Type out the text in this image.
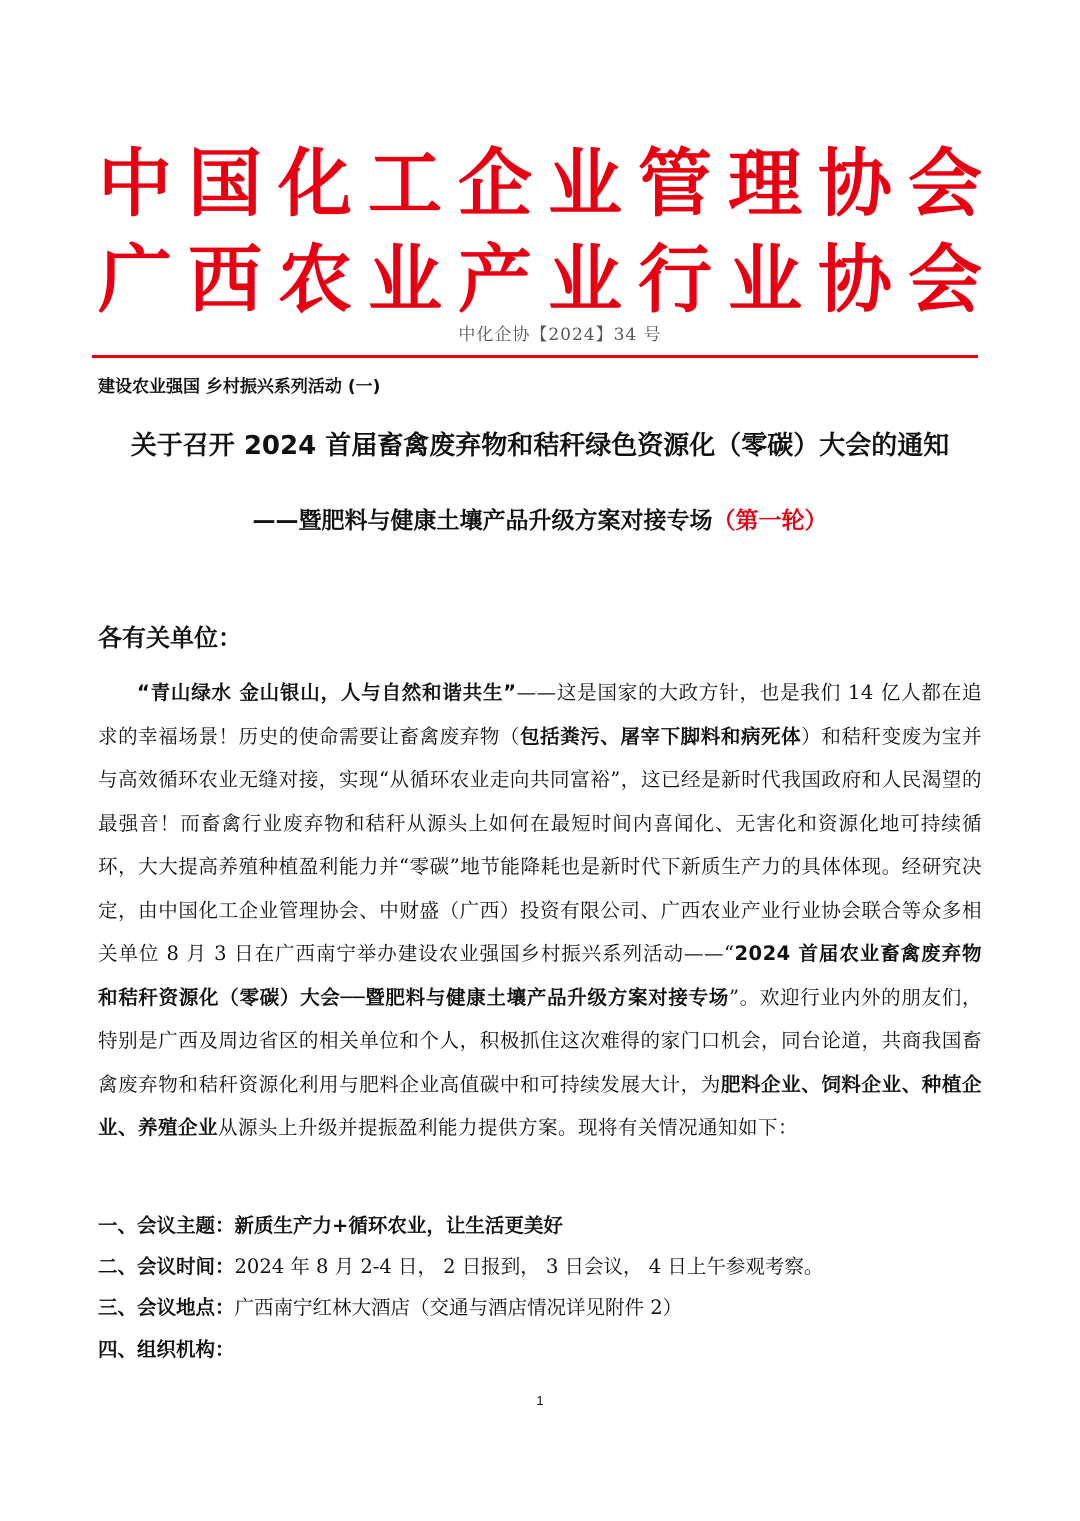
中 国 化 工 企 业 管 理 协 会
广 西 农 业 产 业 行 业 协 会
中化企协【2024】34 号
建设农业强国 乡村振兴系列活动 (一)
关于召开 2024 首届畜禽废弃物和秸秆绿色资源化（零碳）大会的通知
——暨肥料与健康土壤产品升级方案对接专场（第一轮）
各有关单位：
“青山绿水 金山银山，人与自然和谐共生”——这是国家的大政方针，也是我们 14 亿人都在追求的幸福场景！历史的使命需要让畜禽废弃物（包括粪污、屠宰下脚料和病死体）和秸秆变废为宝并与高效循环农业无缝对接，实现“从循环农业走向共同富裕”，这已经是新时代我国政府和人民渴望的最强音！而畜禽行业废弃物和秸秆从源头上如何在最短时间内喜闻化、无害化和资源化地可持续循环，大大提高养殖种植盈利能力并“零碳”地节能降耗也是新时代下新质生产力的具体体现。经研究决定，由中国化工企业管理协会、中财盛（广西）投资有限公司、广西农业产业行业协会联合等众多相关单位 8 月 3 日在广西南宁举办建设农业强国乡村振兴系列活动——“2024 首届农业畜禽废弃物和秸秆资源化（零碳）大会──暨肥料与健康土壤产品升级方案对接专场”。欢迎行业内外的朋友们，特别是广西及周边省区的相关单位和个人，积极抓住这次难得的家门口机会，同台论道，共商我国畜禽废弃物和秸秆资源化利用与肥料企业高值碳中和可持续发展大计，为肥料企业、饲料企业、种植企业、养殖企业从源头上升级并提振盈利能力提供方案。现将有关情况通知如下：
一、会议主题：新质生产力+循环农业，让生活更美好
二、会议时间：2024 年 8 月 2-4 日， 2 日报到， 3 日会议， 4 日上午参观考察。
三、会议地点：广西南宁红林大酒店（交通与酒店情况详见附件 2）
四、组织机构：
1
